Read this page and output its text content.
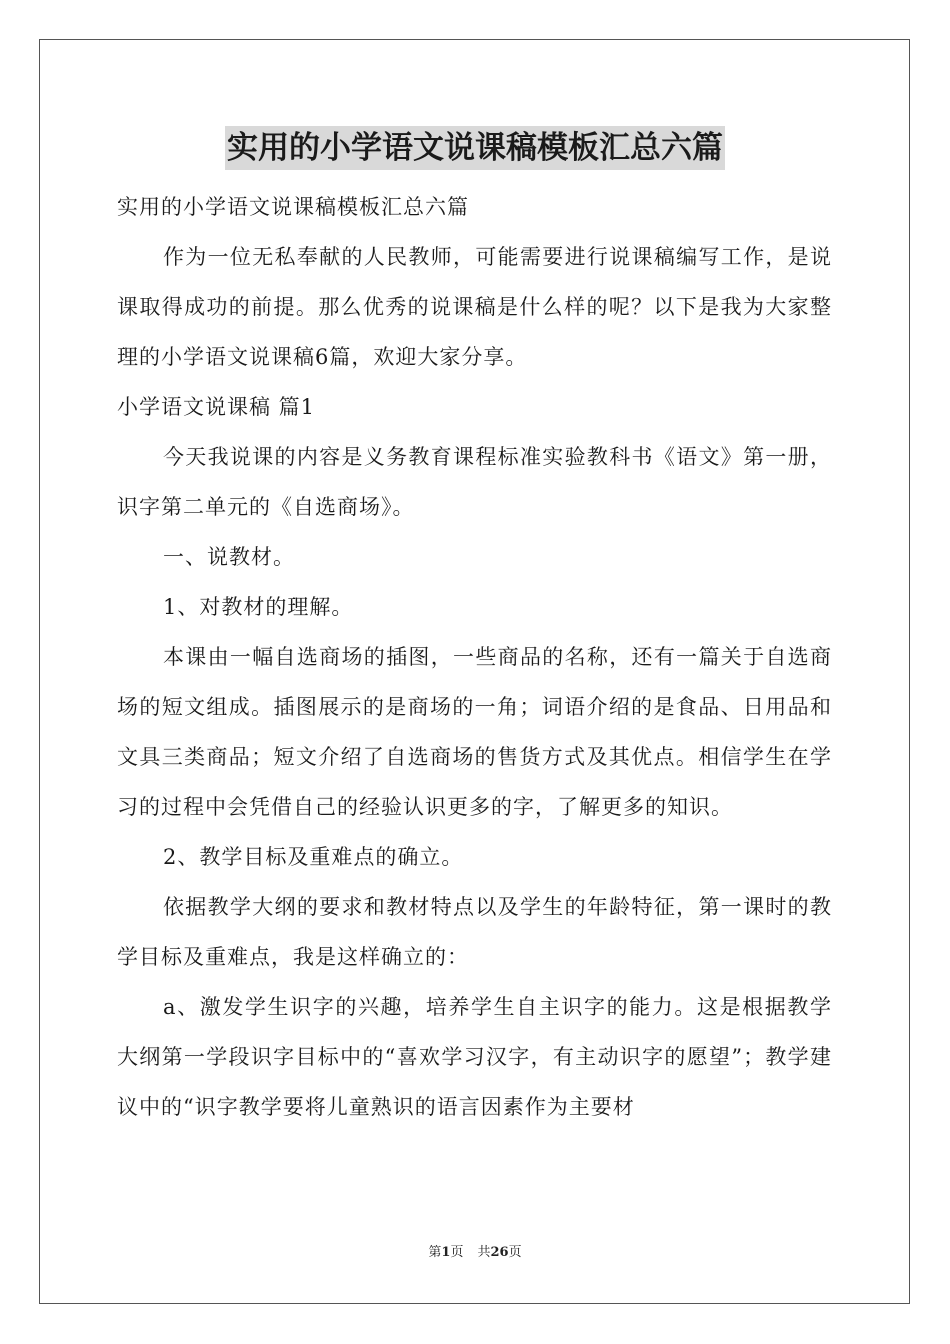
实用的小学语文说课稿模板汇总六篇

实用的小学语文说课稿模板汇总六篇

作为一位无私奉献的人民教师，可能需要进行说课稿编写工作，是说课取得成功的前提。那么优秀的说课稿是什么样的呢？以下是我为大家整理的小学语文说课稿6篇，欢迎大家分享。

小学语文说课稿 篇1

今天我说课的内容是义务教育课程标准实验教科书《语文》第一册，识字第二单元的《自选商场》。

一、说教材。

1、对教材的理解。

本课由一幅自选商场的插图，一些商品的名称，还有一篇关于自选商场的短文组成。插图展示的是商场的一角；词语介绍的是食品、日用品和文具三类商品；短文介绍了自选商场的售货方式及其优点。相信学生在学习的过程中会凭借自己的经验认识更多的字，了解更多的知识。

2、教学目标及重难点的确立。

依据教学大纲的要求和教材特点以及学生的年龄特征，第一课时的教学目标及重难点，我是这样确立的：

a、激发学生识字的兴趣，培养学生自主识字的能力。这是根据教学大纲第一学段识字目标中的“喜欢学习汉字，有主动识字的愿望”；教学建议中的“识字教学要将儿童熟识的语言因素作为主要材

第1页 共26页
